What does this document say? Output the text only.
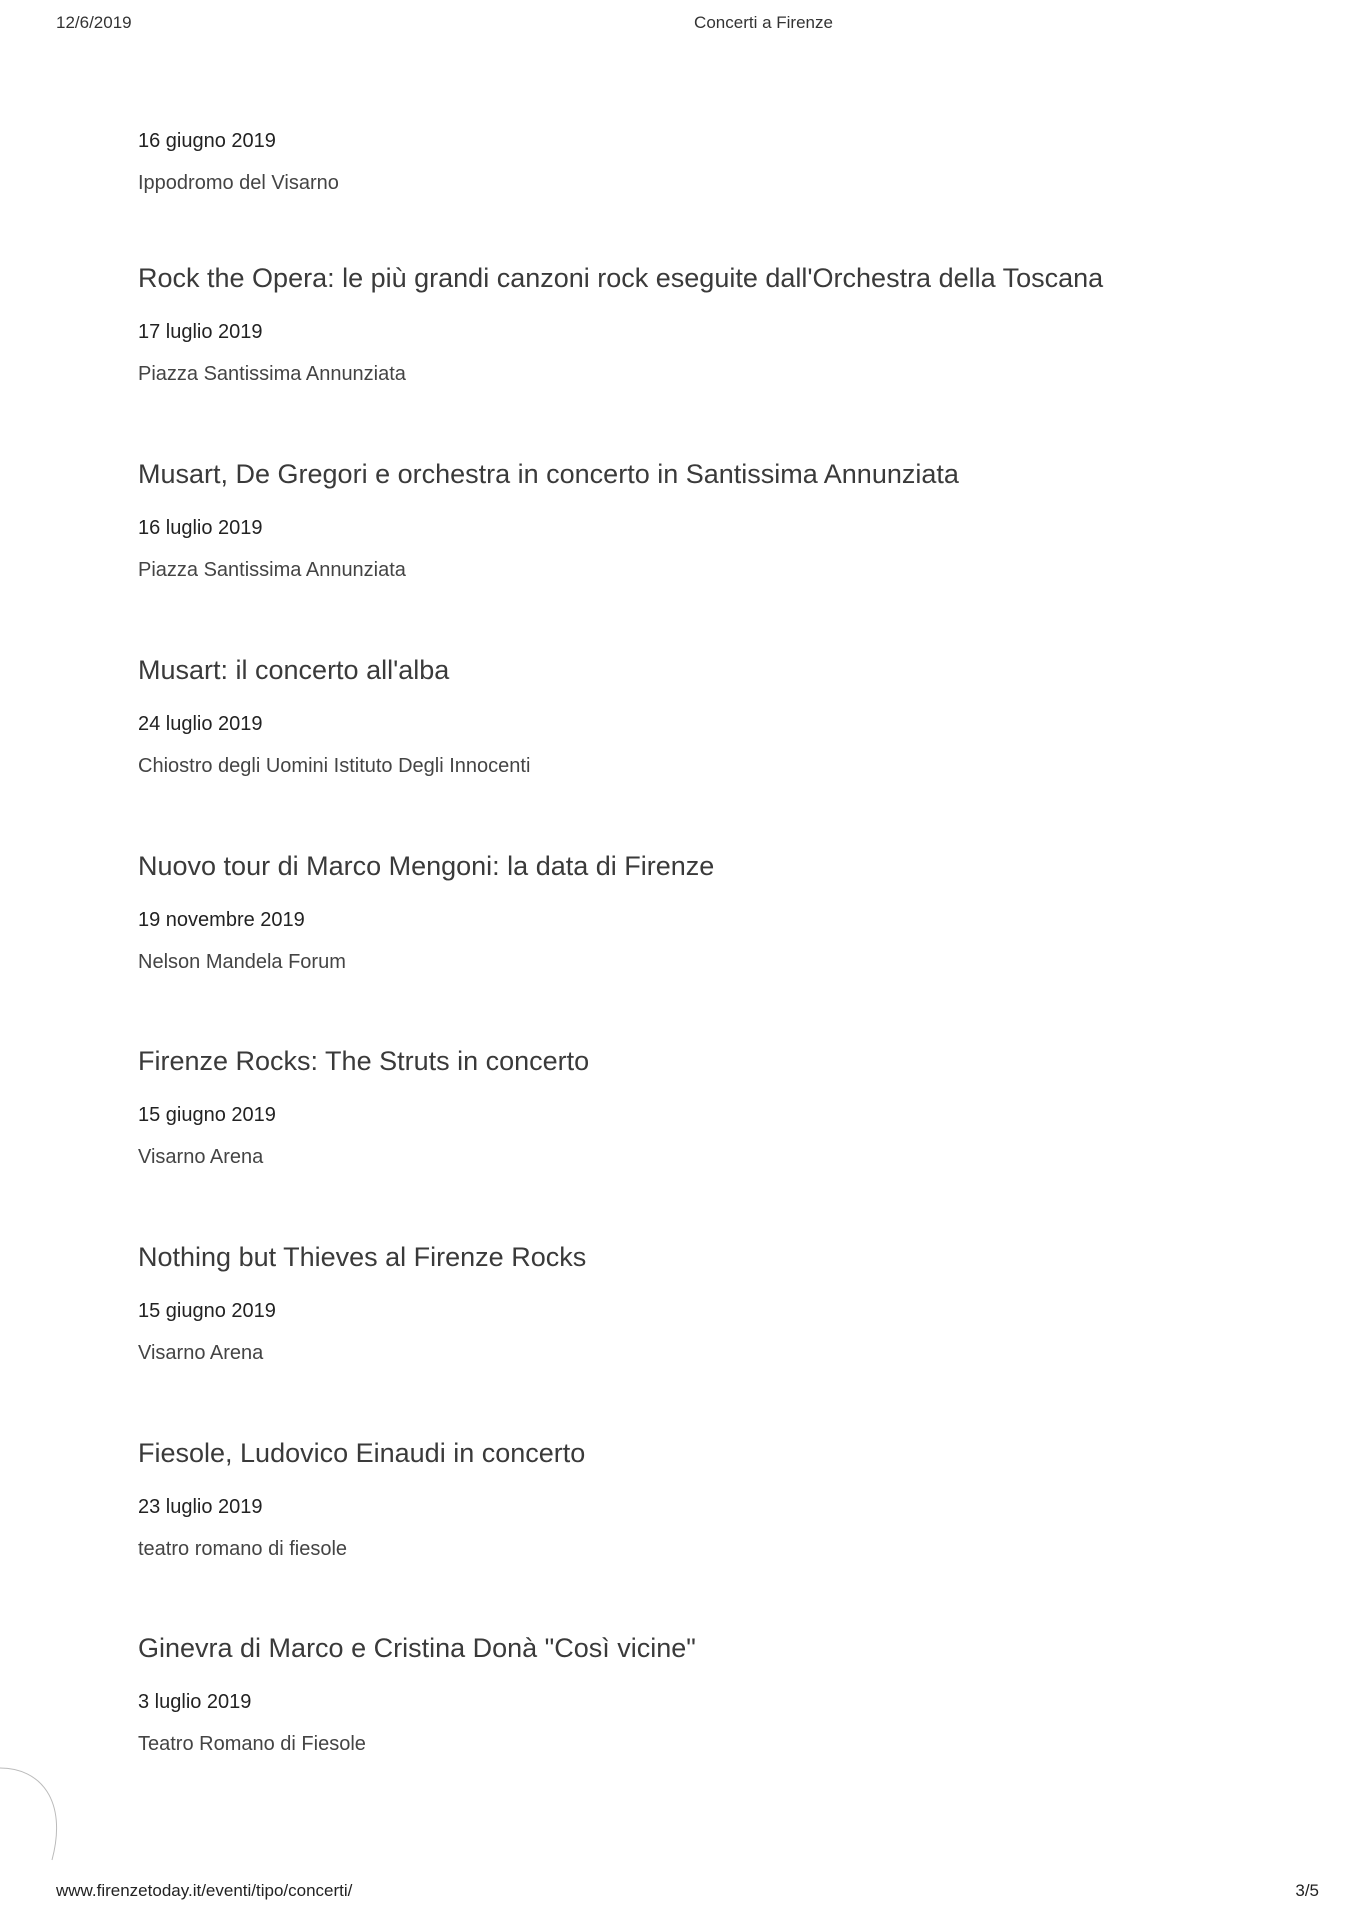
12/6/2019	Concerti a Firenze
16 giugno 2019
Ippodromo del Visarno
Rock the Opera: le più grandi canzoni rock eseguite dall'Orchestra della Toscana
17 luglio 2019
Piazza Santissima Annunziata
Musart, De Gregori e orchestra in concerto in Santissima Annunziata
16 luglio 2019
Piazza Santissima Annunziata
Musart: il concerto all'alba
24 luglio 2019
Chiostro degli Uomini Istituto Degli Innocenti
Nuovo tour di Marco Mengoni: la data di Firenze
19 novembre 2019
Nelson Mandela Forum
Firenze Rocks: The Struts in concerto
15 giugno 2019
Visarno Arena
Nothing but Thieves al Firenze Rocks
15 giugno 2019
Visarno Arena
Fiesole, Ludovico Einaudi in concerto
23 luglio 2019
teatro romano di fiesole
Ginevra di Marco e Cristina Donà "Così vicine"
3 luglio 2019
Teatro Romano di Fiesole
www.firenzetoday.it/eventi/tipo/concerti/	3/5
